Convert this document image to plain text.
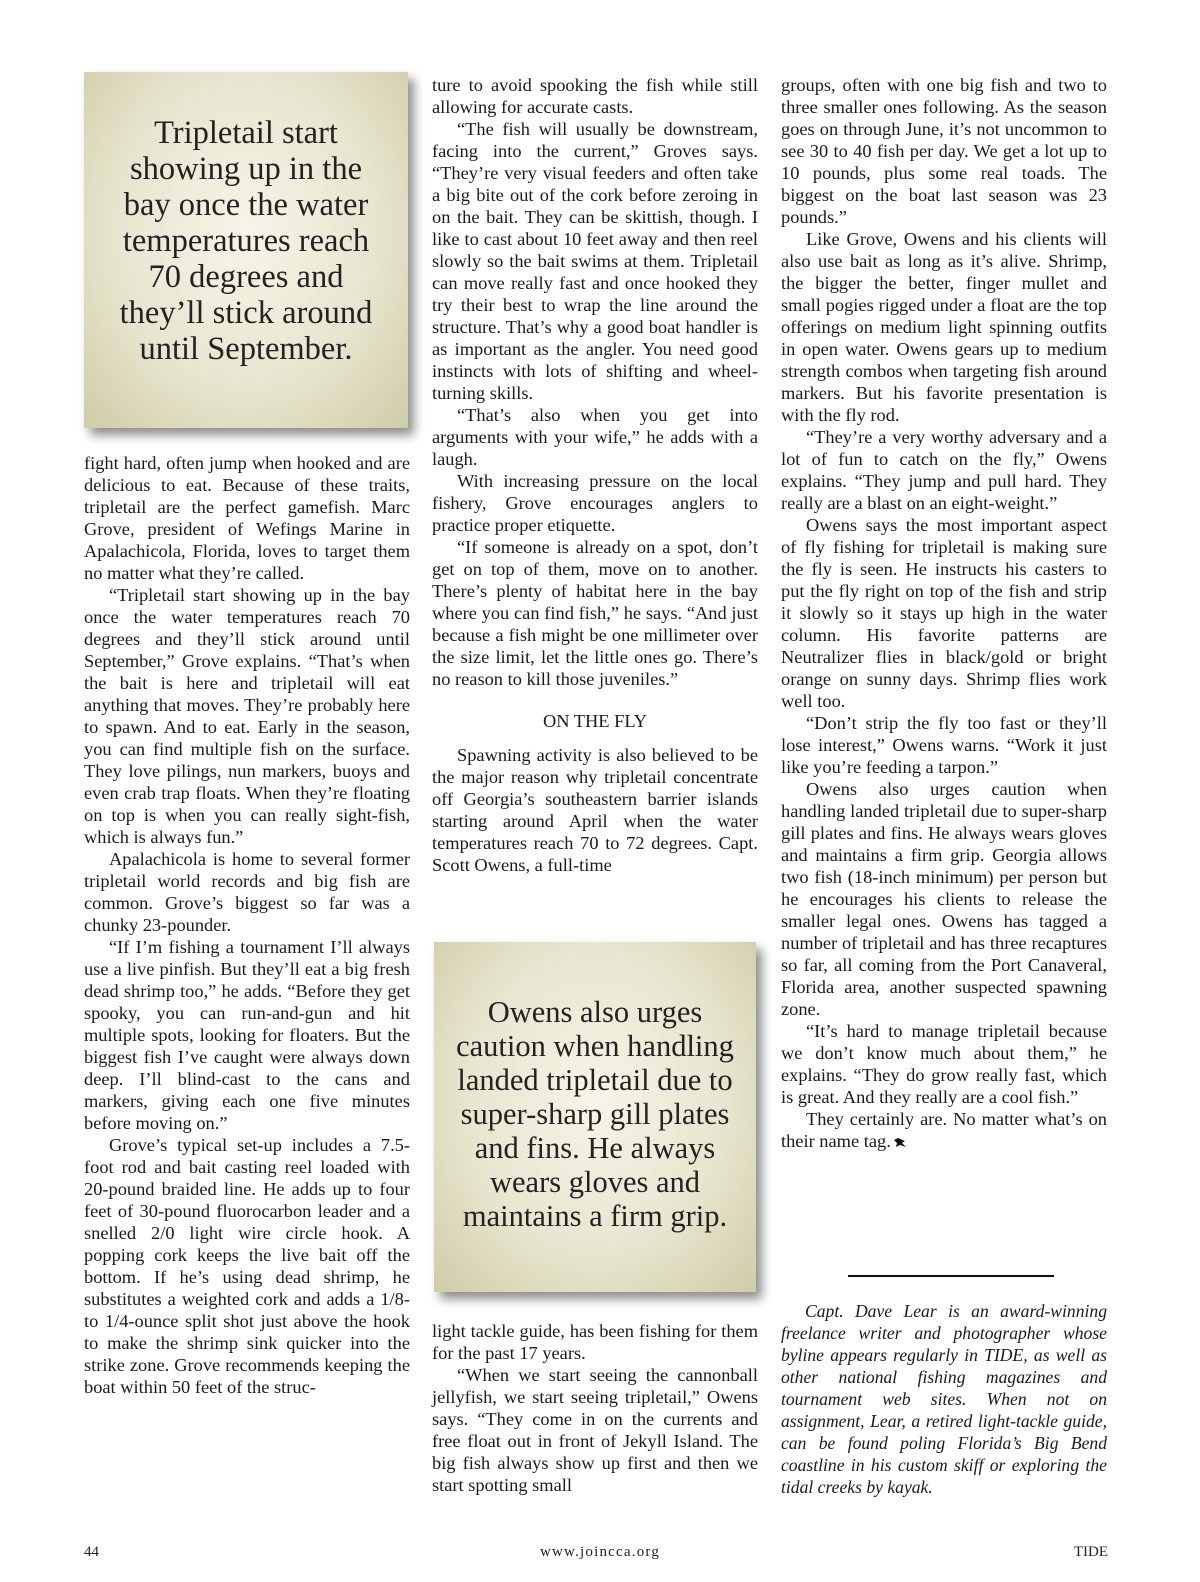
Tripletail start showing up in the bay once the water temperatures reach 70 degrees and they’ll stick around until September.

fight hard, often jump when hooked and are delicious to eat. Because of these traits, tripletail are the perfect gamefish. Marc Grove, president of Wefings Marine in Apalachicola, Florida, loves to target them no matter what they’re called.

“Tripletail start showing up in the bay once the water temperatures reach 70 degrees and they’ll stick around until September,” Grove explains. “That’s when the bait is here and tripletail will eat anything that moves. They’re probably here to spawn. And to eat. Early in the season, you can find multiple fish on the surface. They love pilings, nun markers, buoys and even crab trap floats. When they’re floating on top is when you can really sight-fish, which is always fun.”

Apalachicola is home to several former tripletail world records and big fish are common. Grove’s biggest so far was a chunky 23-pounder.

“If I’m fishing a tournament I’ll always use a live pinfish. But they’ll eat a big fresh dead shrimp too,” he adds. “Before they get spooky, you can run-and-gun and hit multiple spots, looking for floaters. But the biggest fish I’ve caught were always down deep. I’ll blind-cast to the cans and markers, giving each one five minutes before moving on.”

Grove’s typical set-up includes a 7.5-foot rod and bait casting reel loaded with 20-pound braided line. He adds up to four feet of 30-pound fluorocarbon leader and a snelled 2/0 light wire circle hook. A popping cork keeps the live bait off the bottom. If he’s using dead shrimp, he substitutes a weighted cork and adds a 1/8- to 1/4-ounce split shot just above the hook to make the shrimp sink quicker into the strike zone. Grove recommends keeping the boat within 50 feet of the struc-

ture to avoid spooking the fish while still allowing for accurate casts.

“The fish will usually be downstream, facing into the current,” Groves says. “They’re very visual feeders and often take a big bite out of the cork before zeroing in on the bait. They can be skittish, though. I like to cast about 10 feet away and then reel slowly so the bait swims at them. Tripletail can move really fast and once hooked they try their best to wrap the line around the structure. That’s why a good boat handler is as important as the angler. You need good instincts with lots of shifting and wheel-turning skills.

“That’s also when you get into arguments with your wife,” he adds with a laugh.

With increasing pressure on the local fishery, Grove encourages anglers to practice proper etiquette.

“If someone is already on a spot, don’t get on top of them, move on to another. There’s plenty of habitat here in the bay where you can find fish,” he says. “And just because a fish might be one millimeter over the size limit, let the little ones go. There’s no reason to kill those juveniles.”

ON THE FLY

Spawning activity is also believed to be the major reason why tripletail concentrate off Georgia’s southeastern barrier islands starting around April when the water temperatures reach 70 to 72 degrees. Capt. Scott Owens, a full-time

Owens also urges caution when handling landed tripletail due to super-sharp gill plates and fins. He always wears gloves and maintains a firm grip.

light tackle guide, has been fishing for them for the past 17 years.

“When we start seeing the cannonball jellyfish, we start seeing tripletail,” Owens says. “They come in on the currents and free float out in front of Jekyll Island. The big fish always show up first and then we start spotting small

groups, often with one big fish and two to three smaller ones following. As the season goes on through June, it’s not uncommon to see 30 to 40 fish per day. We get a lot up to 10 pounds, plus some real toads. The biggest on the boat last season was 23 pounds.”

Like Grove, Owens and his clients will also use bait as long as it’s alive. Shrimp, the bigger the better, finger mullet and small pogies rigged under a float are the top offerings on medium light spinning outfits in open water. Owens gears up to medium strength combos when targeting fish around markers. But his favorite presentation is with the fly rod.

“They’re a very worthy adversary and a lot of fun to catch on the fly,” Owens explains. “They jump and pull hard. They really are a blast on an eight-weight.”

Owens says the most important aspect of fly fishing for tripletail is making sure the fly is seen. He instructs his casters to put the fly right on top of the fish and strip it slowly so it stays up high in the water column. His favorite patterns are Neutralizer flies in black/gold or bright orange on sunny days. Shrimp flies work well too.

“Don’t strip the fly too fast or they’ll lose interest,” Owens warns. “Work it just like you’re feeding a tarpon.”

Owens also urges caution when handling landed tripletail due to super-sharp gill plates and fins. He always wears gloves and maintains a firm grip. Georgia allows two fish (18-inch minimum) per person but he encourages his clients to release the smaller legal ones. Owens has tagged a number of tripletail and has three recaptures so far, all coming from the Port Canaveral, Florida area, another suspected spawning zone.

“It’s hard to manage tripletail because we don’t know much about them,” he explains. “They do grow really fast, which is great. And they really are a cool fish.”

They certainly are. No matter what’s on their name tag.

Capt. Dave Lear is an award-winning freelance writer and photographer whose byline appears regularly in TIDE, as well as other national fishing magazines and tournament web sites. When not on assignment, Lear, a retired light-tackle guide, can be found poling Florida’s Big Bend coastline in his custom skiff or exploring the tidal creeks by kayak.

44	www.joincca.org	TIDE
